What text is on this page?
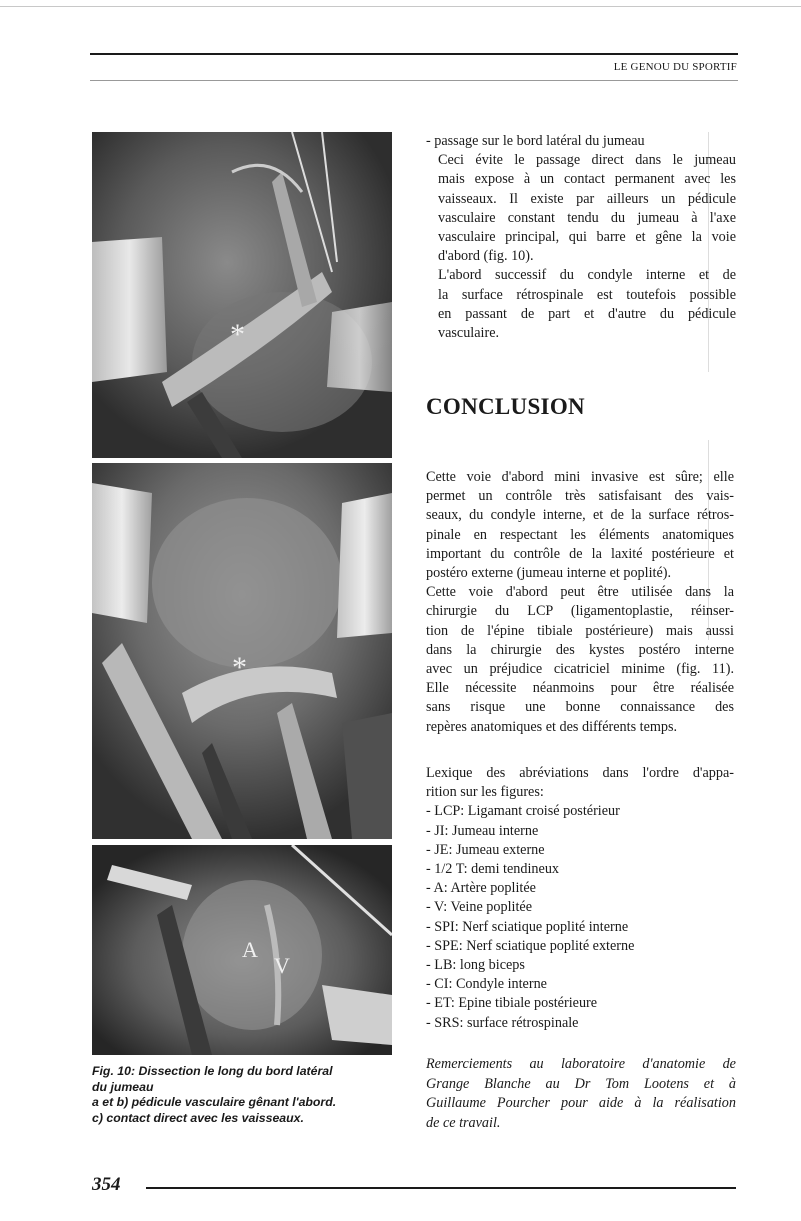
LE GENOU DU SPORTIF
*
*
A
V
Fig. 10: Dissection le long du bord latéral
du jumeau
a et b) pédicule vasculaire gênant l'abord.
c) contact direct avec les vaisseaux.
- passage sur le bord latéral du jumeau
Ceci évite le passage direct dans le jumeau
mais expose à un contact permanent avec les
vaisseaux. Il existe par ailleurs un pédicule
vasculaire constant tendu du jumeau à l'axe
vasculaire principal, qui barre et gêne la voie
d'abord (fig. 10).
L'abord successif du condyle interne et de
la surface rétrospinale est toutefois possible
en passant de part et d'autre du pédicule
vasculaire.
CONCLUSION
Cette voie d'abord mini invasive est sûre; elle
permet un contrôle très satisfaisant des vais-
seaux, du condyle interne, et de la surface rétros-
pinale en respectant les éléments anatomiques
important du contrôle de la laxité postérieure et
postéro externe (jumeau interne et poplité).
Cette voie d'abord peut être utilisée dans la
chirurgie du LCP (ligamentoplastie, réinser-
tion de l'épine tibiale postérieure) mais aussi
dans la chirurgie des kystes postéro interne
avec un préjudice cicatriciel minime (fig. 11).
Elle nécessite néanmoins pour être réalisée
sans risque une bonne connaissance des
repères anatomiques et des différents temps.
Lexique des abréviations dans l'ordre d'appa-
rition sur les figures:
- LCP: Ligamant croisé postérieur
- JI: Jumeau interne
- JE: Jumeau externe
- 1/2 T: demi tendineux
- A: Artère poplitée
- V: Veine poplitée
- SPI: Nerf sciatique poplité interne
- SPE: Nerf sciatique poplité externe
- LB: long biceps
- CI: Condyle interne
- ET: Epine tibiale postérieure
- SRS: surface rétrospinale
Remerciements au laboratoire d'anatomie de
Grange Blanche au Dr Tom Lootens et à
Guillaume Pourcher pour aide à la réalisation
de ce travail.
354
